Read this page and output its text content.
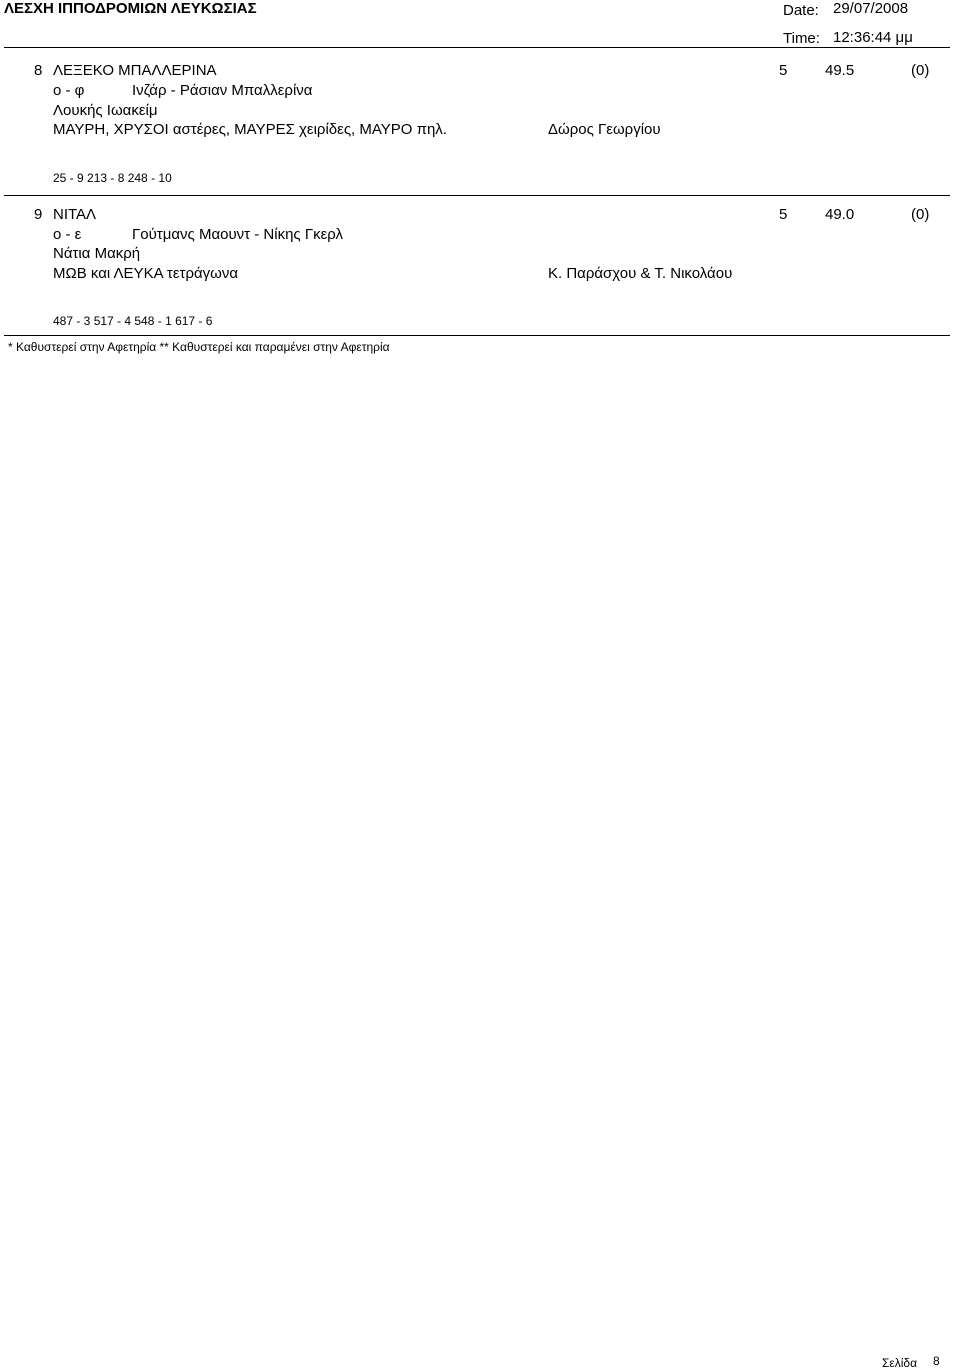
ΛΕΣΧΗ ΙΠΠΟΔΡΟΜΙΩΝ ΛΕΥΚΩΣΙΑΣ	Date: 29/07/2008
Time: 12:36:44 μμ
8 ΛΕΞΕΚΟ ΜΠΑΛΛΕΡΙΝΑ	5	49.5	(0)
ο - φ	Ινζάρ - Ράσιαν Μπαλλερίνα
Λουκής Ιωακείμ
ΜΑΥΡΗ, ΧΡΥΣΟΙ αστέρες, ΜΑΥΡΕΣ χειρίδες, ΜΑΥΡΟ πηλ.	Δώρος Γεωργίου
25 - 9 213 - 8 248 - 10
9 ΝΙΤΑΛ	5	49.0	(0)
ο - ε	Γούτμανς Μαουντ - Νίκης Γκερλ
Νάτια Μακρή
ΜΩΒ και ΛΕΥΚΑ τετράγωνα	Κ. Παράσχου & Τ. Νικολάου
487 - 3 517 - 4 548 - 1 617 - 6
* Καθυστερεί στην Αφετηρία ** Καθυστερεί και παραμένει στην Αφετηρία
Σελίδα 8
